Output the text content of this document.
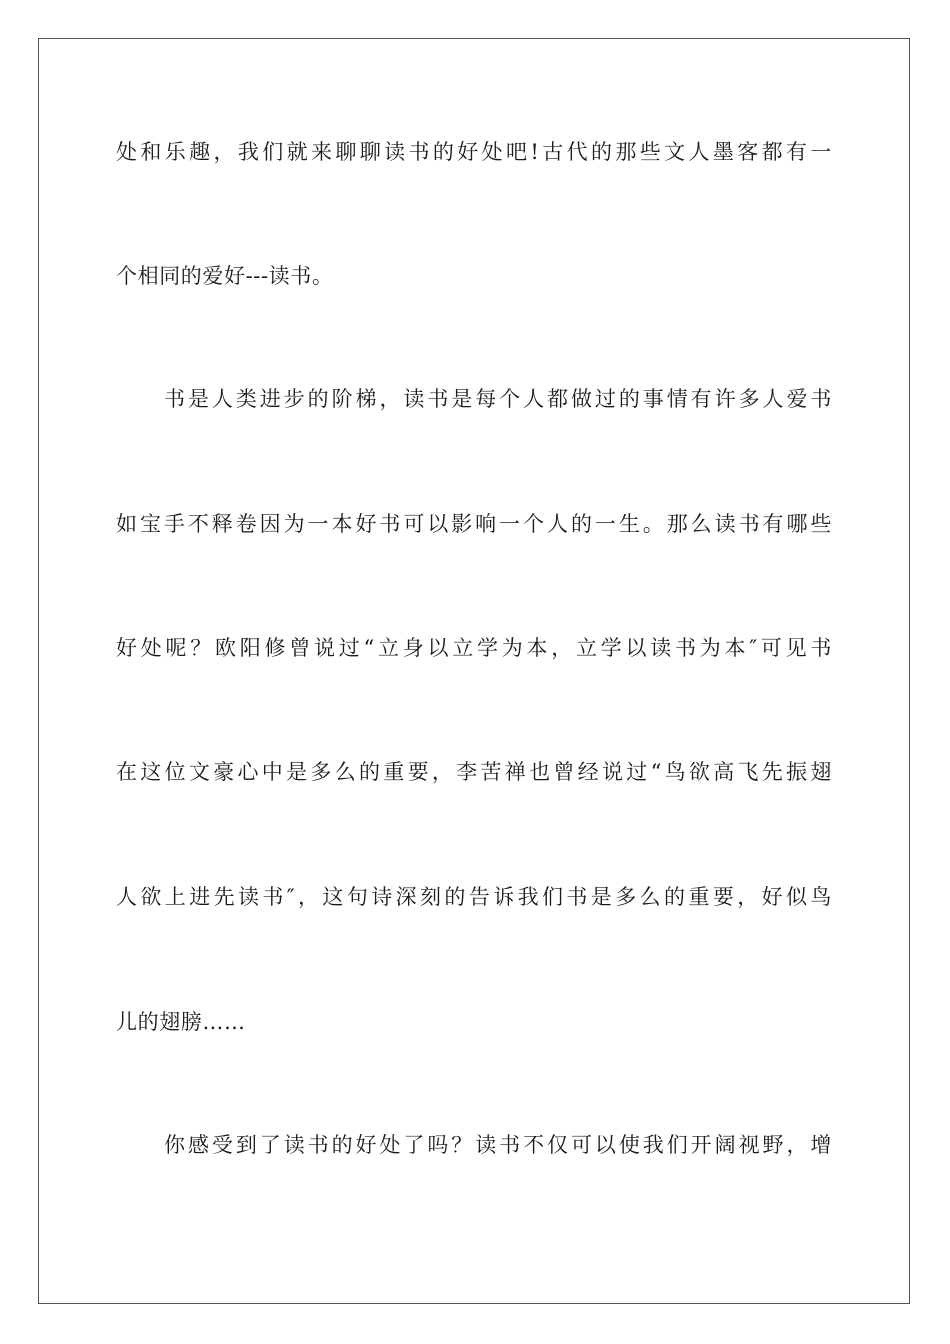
处和乐趣，我们就来聊聊读书的好处吧!古代的那些文人墨客都有一
个相同的爱好---读书。
书是人类进步的阶梯，读书是每个人都做过的事情有许多人爱书
如宝手不释卷因为一本好书可以影响一个人的一生。那么读书有哪些
好处呢？欧阳修曾说过“立身以立学为本，立学以读书为本″可见书
在这位文豪心中是多么的重要，李苦禅也曾经说过“鸟欲高飞先振翅
人欲上进先读书″，这句诗深刻的告诉我们书是多么的重要，好似鸟
儿的翅膀……
你感受到了读书的好处了吗？读书不仅可以使我们开阔视野，增
